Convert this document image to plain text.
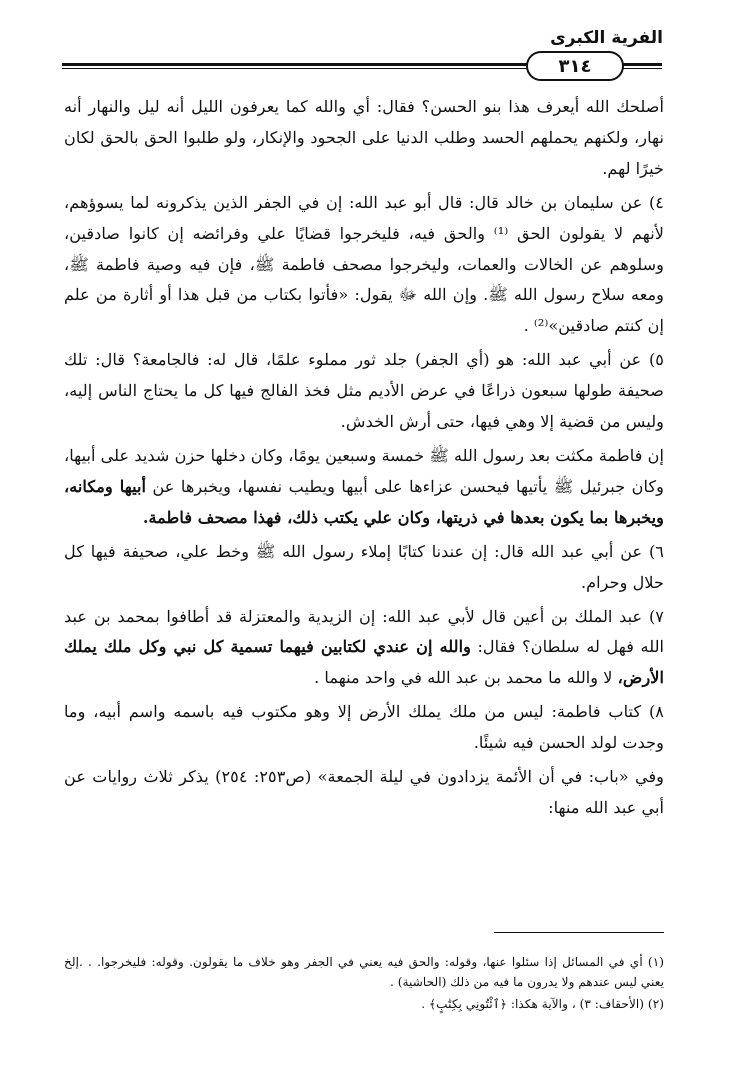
الفرية الكبرى
٣١٤

أصلحك الله أيعرف هذا بنو الحسن؟ فقال: أي والله كما يعرفون الليل أنه ليل والنهار أنه نهار، ولكنهم يحملهم الحسد وطلب الدنيا على الجحود والإنكار، ولو طلبوا الحق بالحق لكان خيرًا لهم.

٤) عن سليمان بن خالد قال: قال أبو عبد الله: إن في الجفر الذين يذكرونه لما يسوؤهم، لأنهم لا يقولون الحق ⁽¹⁾ والحق فيه، فليخرجوا قضايًا علي وفرائضه إن كانوا صادقين، وسلوهم عن الخالات والعمات، وليخرجوا مصحف فاطمة ﷺ، فإن فيه وصية فاطمة ﷺ، ومعه سلاح رسول الله ﷺ. وإن الله ﷻ يقول: «فأتوا بكتاب من قبل هذا أو أثارة من علم إن كنتم صادقين»⁽²⁾ .

٥) عن أبي عبد الله: هو (أي الجفر) جلد ثور مملوء علمًا، قال له: فالجامعة؟ قال: تلك صحيفة طولها سبعون ذراعًا في عرض الأديم مثل فخذ الفالج فيها كل ما يحتاج الناس إليه، وليس من قضية إلا وهي فيها، حتى أرش الخدش.

إن فاطمة مكثت بعد رسول الله ﷺ خمسة وسبعين يومًا، وكان دخلها حزن شديد على أبيها، وكان جبرئيل ﷺ يأتيها فيحسن عزاءها على أبيها ويطيب نفسها، ويخبرها عن أبيها ومكانه، ويخبرها بما يكون بعدها في ذريتها، وكان علي يكتب ذلك، فهذا مصحف فاطمة.

٦) عن أبي عبد الله قال: إن عندنا كتابًا إملاء رسول الله ﷺ وخط علي، صحيفة فيها كل حلال وحرام.

٧) عبد الملك بن أعين قال لأبي عبد الله: إن الزيدية والمعتزلة قد أطافوا بمحمد بن عبد الله فهل له سلطان؟ فقال: والله إن عندي لكتابين فيهما تسمية كل نبي وكل ملك يملك الأرض، لا والله ما محمد بن عبد الله في واحد منهما .

٨) كتاب فاطمة: ليس من ملك يملك الأرض إلا وهو مكتوب فيه باسمه واسم أبيه، وما وجدت لولد الحسن فيه شيئًا.

وفي «باب: في أن الأئمة يزدادون في ليلة الجمعة» (ص٢٥٣: ٢٥٤) يذكر ثلاث روايات عن أبي عبد الله منها:

(١) أي في المسائل إذا سئلوا عنها، وقوله: والحق فيه يعني في الجفر وهو خلاف ما يقولون. وقوله: فليخرجوا. . .إلخ يعني ليس عندهم ولا يدرون ما فيه من ذلك (الحاشية) .

(٢) (الأحقاف: ٣) ، والآية هكذا: ﴿ٱئْتُونِي بِكِتَٰبٍ﴾ .
